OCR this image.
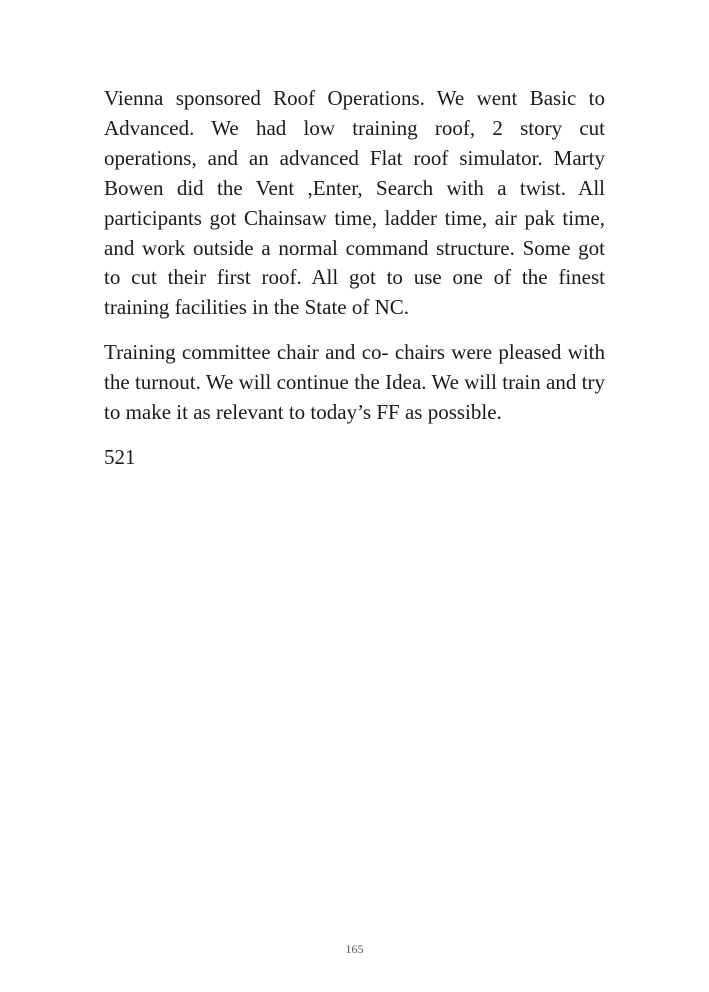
Vienna sponsored Roof Operations. We went Basic to Advanced. We had low training roof, 2 story cut operations, and an advanced Flat roof simulator. Marty Bowen did the Vent ,Enter, Search with a twist. All participants got Chainsaw time, ladder time, air pak time, and work outside a normal command structure. Some got to cut their first roof. All got to use one of the finest training facilities in the State of NC.

Training committee chair and co- chairs were pleased with the turnout. We will continue the Idea. We will train and try to make it as relevant to today’s FF as possible.

521

165
